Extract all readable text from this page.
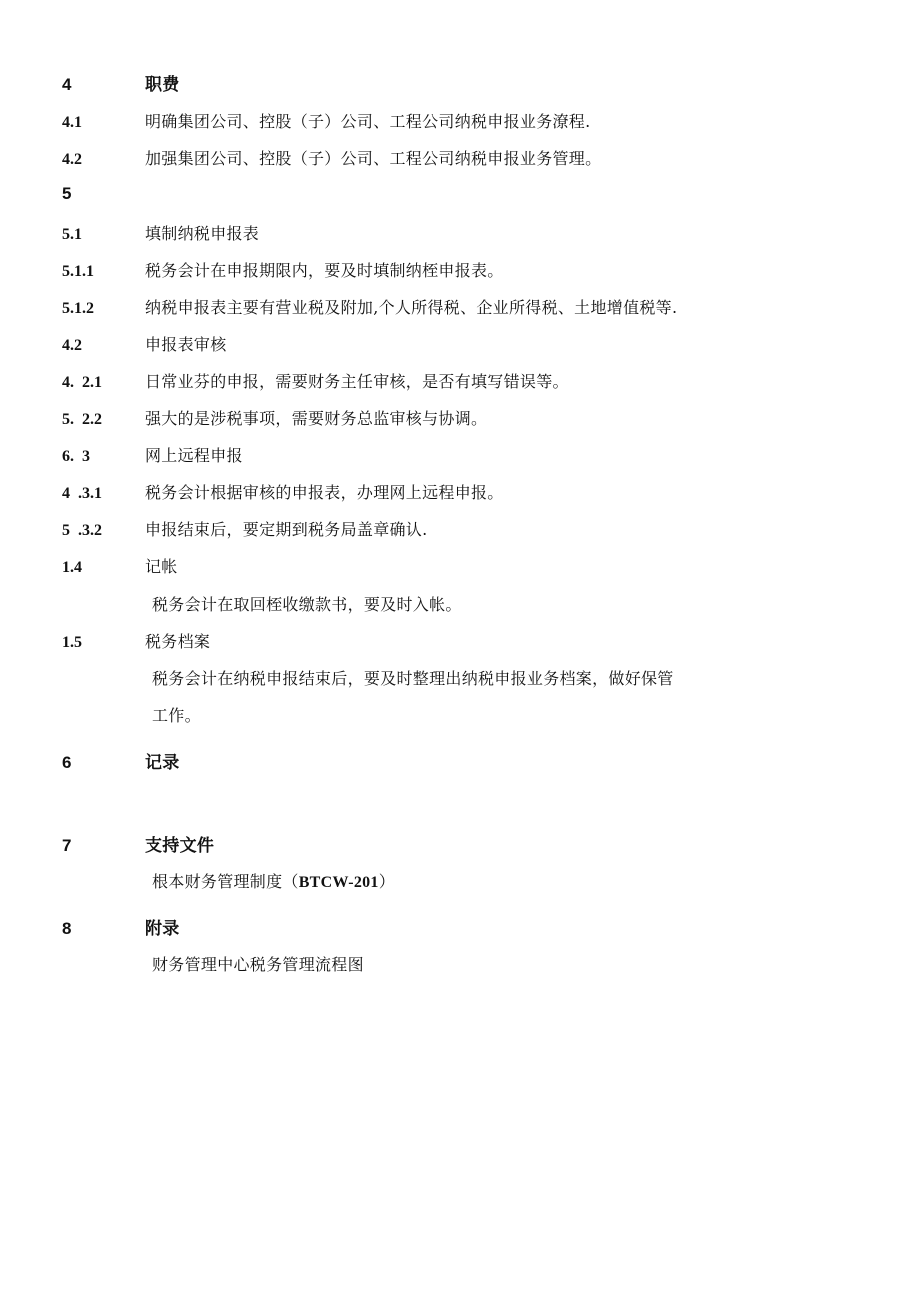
4	职费
4.1	明确集团公司、控股（子）公司、工程公司纳税申报业务潦程.
4.2	加强集团公司、控股（子）公司、工程公司纳税申报业务管理。
5
5.1	填制纳税申报表
5.1.1	税务会计在申报期限内，要及时填制纳桎申报表。
5.1.2	纳税申报表主要有营业税及附加,个人所得税、企业所得税、土地增值税等.
4.2	申报表审核
4.  2.1	日常业芬的申报，需要财务主任审核，是否有填写错误等。
5.  2.2	强大的是涉税事项，需要财务总监审核与协调。
6.  3	网上远程申报
4  .3.1	税务会计根据审核的申报表，办理网上远程申报。
5  .3.2	申报结束后，要定期到税务局盖章确认.
1.4	记帐
税务会计在取回桎收缴款书，要及时入帐。
1.5	税务档案
税务会计在纳税申报结束后，要及时整理出纳税申报业务档案，做好保管
工作。
6	记录
7	支持文件
根本财务管理制度（BTCW-201）
8	附录
财务管理中心税务管理流程图
